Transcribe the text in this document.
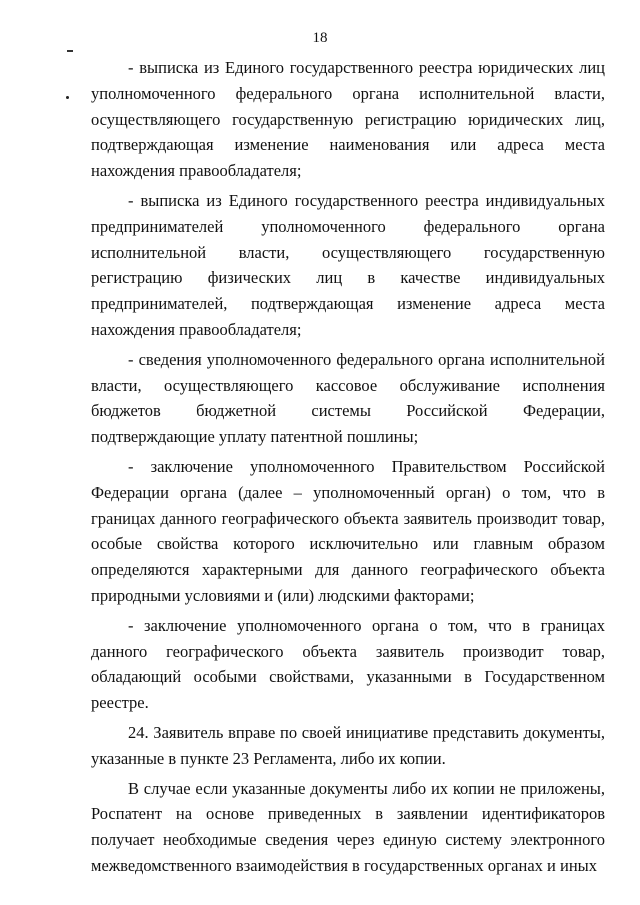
18

- выписка из Единого государственного реестра юридических лиц уполномоченного федерального органа исполнительной власти, осуществляющего государственную регистрацию юридических лиц, подтверждающая изменение наименования или адреса места нахождения правообладателя;

- выписка из Единого государственного реестра индивидуальных предпринимателей уполномоченного федерального органа исполнительной власти, осуществляющего государственную регистрацию физических лиц в качестве индивидуальных предпринимателей, подтверждающая изменение адреса места нахождения правообладателя;

- сведения уполномоченного федерального органа исполнительной власти, осуществляющего кассовое обслуживание исполнения бюджетов бюджетной системы Российской Федерации, подтверждающие уплату патентной пошлины;

- заключение уполномоченного Правительством Российской Федерации органа (далее – уполномоченный орган) о том, что в границах данного географического объекта заявитель производит товар, особые свойства которого исключительно или главным образом определяются характерными для данного географического объекта природными условиями и (или) людскими факторами;

- заключение уполномоченного органа о том, что в границах данного географического объекта заявитель производит товар, обладающий особыми свойствами, указанными в Государственном реестре.

24. Заявитель вправе по своей инициативе представить документы, указанные в пункте 23 Регламента, либо их копии.

В случае если указанные документы либо их копии не приложены, Роспатент на основе приведенных в заявлении идентификаторов получает необходимые сведения через единую систему электронного межведомственного взаимодействия в государственных органах и иных
